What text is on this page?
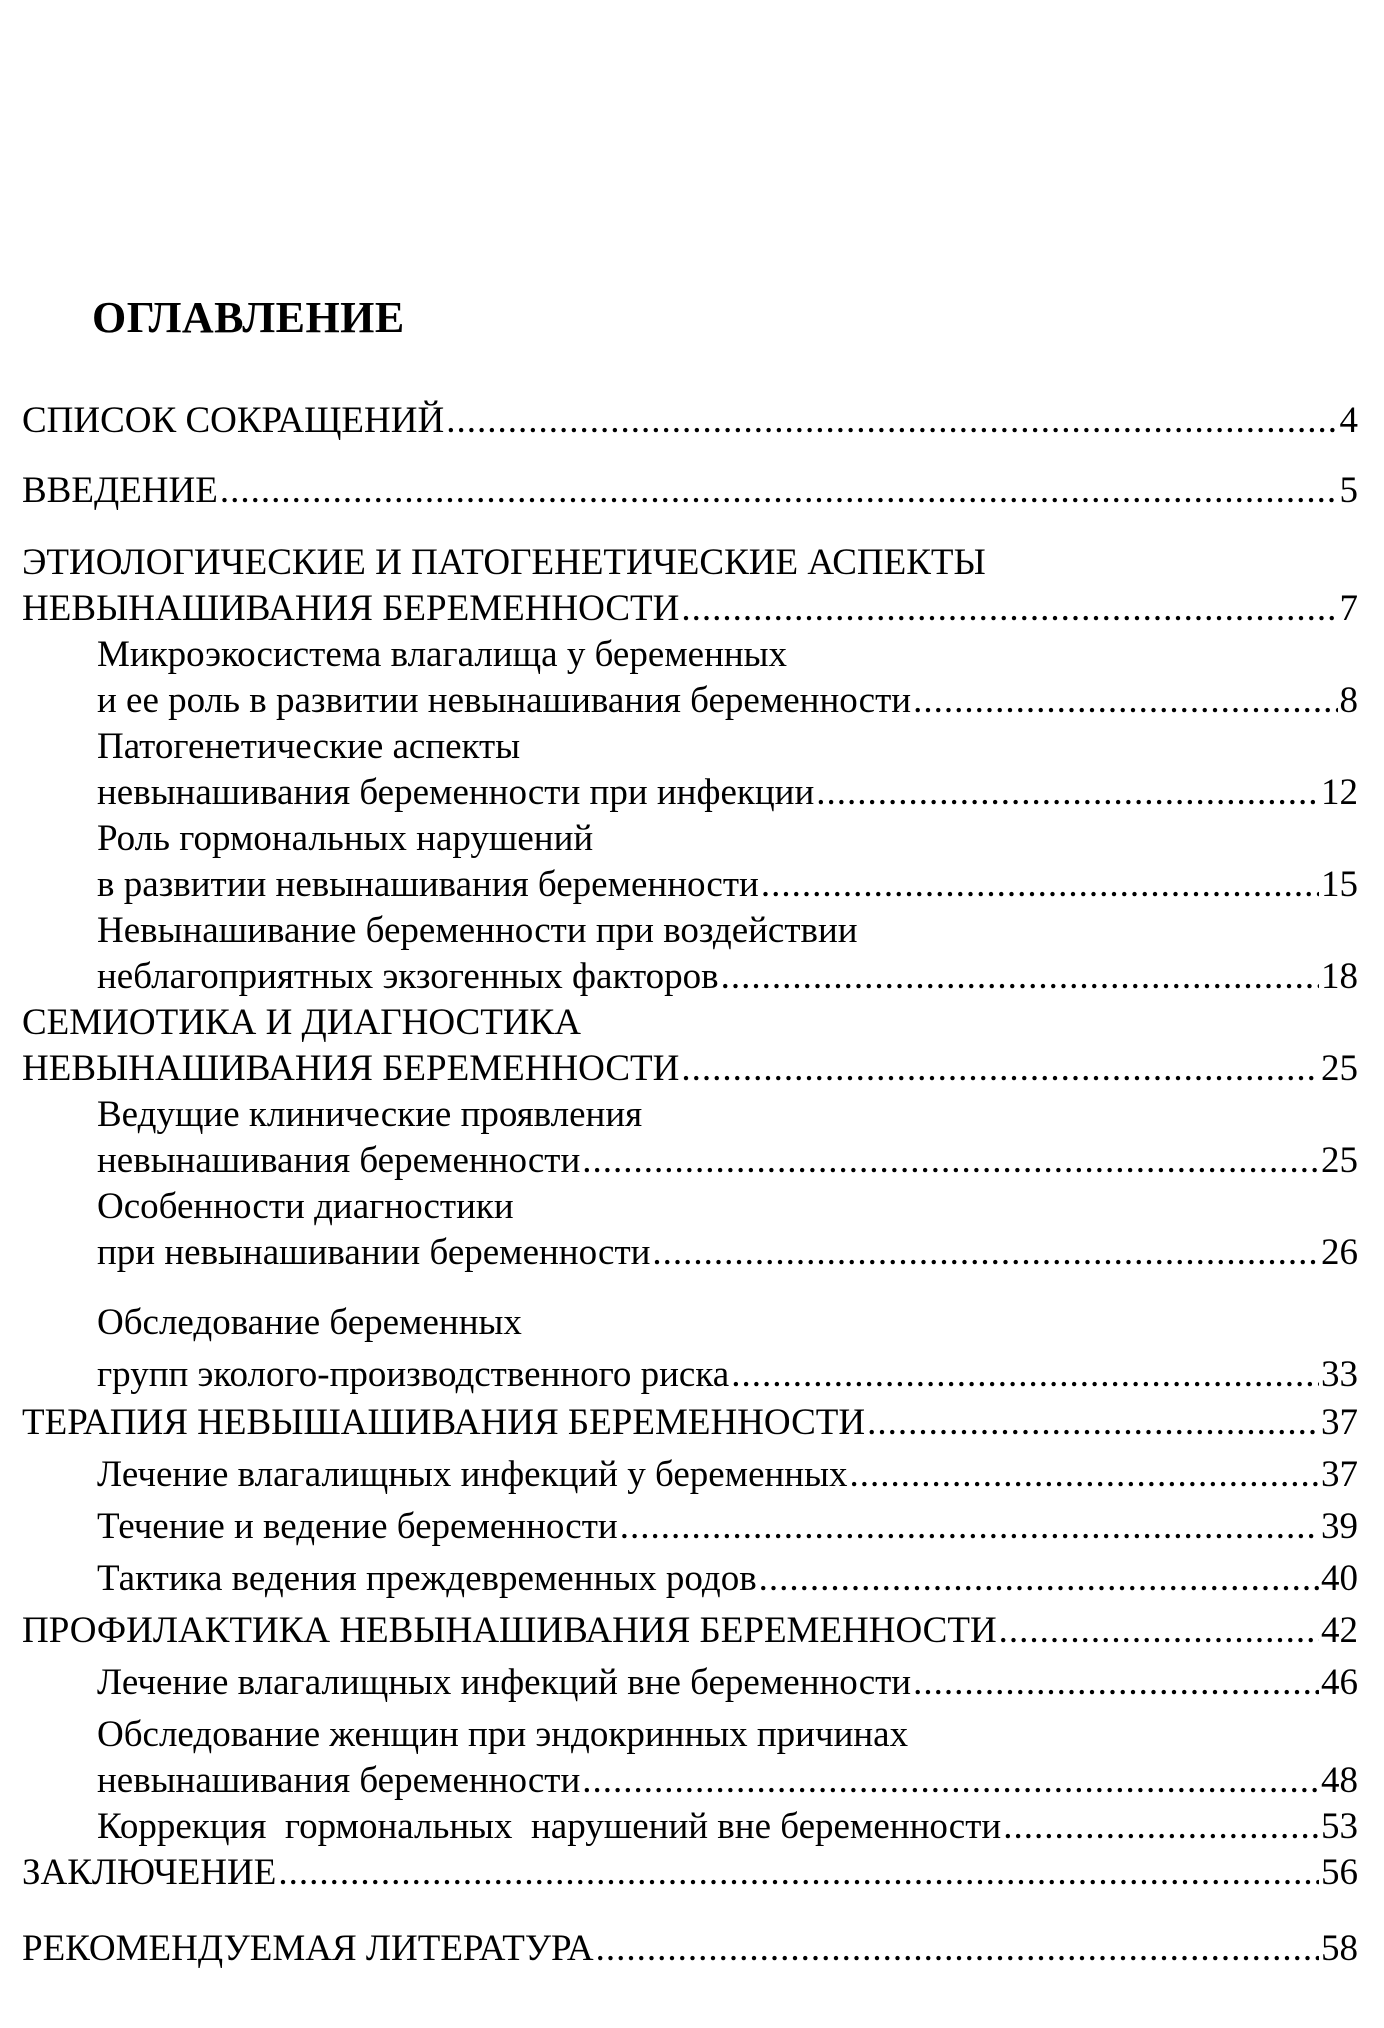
ОГЛАВЛЕНИЕ
СПИСОК СОКРАЩЕНИЙ .....	4
ВВЕДЕНИЕ .....	5
ЭТИОЛОГИЧЕСКИЕ И ПАТОГЕНЕТИЧЕСКИЕ АСПЕКТЫ
НЕВЫНАШИВАНИЯ БЕРЕМЕННОСТИ .....	7
Микроэкосистема влагалища у беременных
и ее роль в развитии невынашивания беременности .....	8
Патогенетические аспекты
невынашивания беременности при инфекции .....	12
Роль гормональных нарушений
в развитии невынашивания беременности .....	15
Невынашивание беременности при воздействии
неблагоприятных экзогенных факторов .....	18
СЕМИОТИКА И ДИАГНОСТИКА
НЕВЫНАШИВАНИЯ БЕРЕМЕННОСТИ .....	25
Ведущие клинические проявления
невынашивания беременности .....	25
Особенности диагностики
при невынашивании беременности .....	26
Обследование беременных
групп эколого-производственного риска .....	33
ТЕРАПИЯ НЕВЫШАШИВАНИЯ БЕРЕМЕННОСТИ .....	37
Лечение влагалищных инфекций у беременных .....	37
Течение и ведение беременности .....	39
Тактика ведения преждевременных родов .....	40
ПРОФИЛАКТИКА НЕВЫНАШИВАНИЯ БЕРЕМЕННОСТИ .....	42
Лечение влагалищных инфекций вне беременности .....	46
Обследование женщин при эндокринных причинах
невынашивания беременности .....	48
Коррекция  гормональных  нарушений вне беременности .....	53
ЗАКЛЮЧЕНИЕ .....	56
РЕКОМЕНДУЕМАЯ ЛИТЕРАТУРА .....	58
